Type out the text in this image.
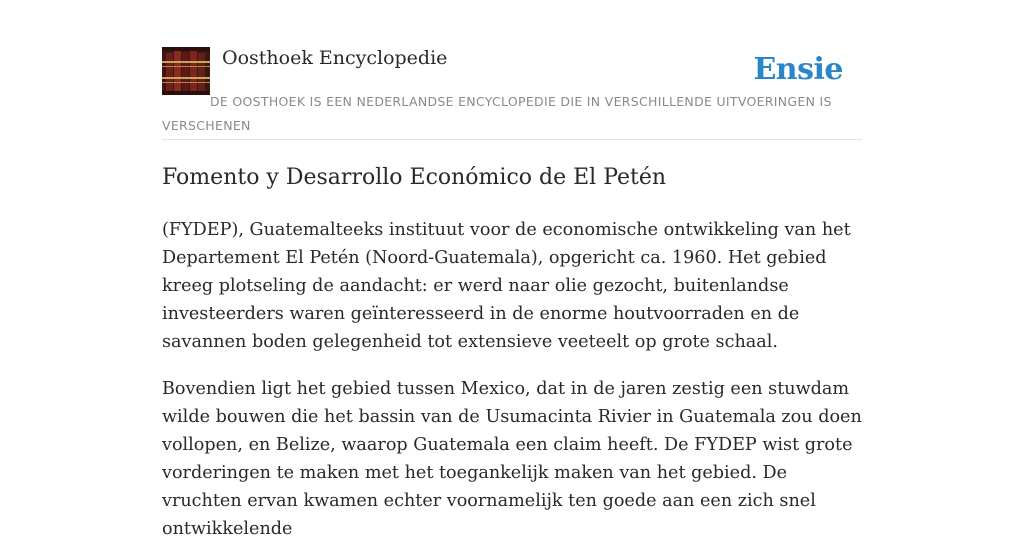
Oosthoek Encyclopedie	Ensie
DE OOSTHOEK IS EEN NEDERLANDSE ENCYCLOPEDIE DIE IN VERSCHILLENDE UITVOERINGEN IS VERSCHENEN
Fomento y Desarrollo Económico de El Petén

(FYDEP), Guatemalteeks instituut voor de economische ontwikkeling van het Departement El Petén (Noord-Guatemala), opgericht ca. 1960. Het gebied kreeg plotseling de aandacht: er werd naar olie gezocht, buitenlandse investeerders waren geïnteresseerd in de enorme houtvoorraden en de savannen boden gelegenheid tot extensieve veeteelt op grote schaal.

Bovendien ligt het gebied tussen Mexico, dat in de jaren zestig een stuwdam wilde bouwen die het bassin van de Usumacinta Rivier in Guatemala zou doen vollopen, en Belize, waarop Guatemala een claim heeft. De FYDEP wist grote vorderingen te maken met het toegankelijk maken van het gebied. De vruchten ervan kwamen echter voornamelijk ten goede aan een zich snel ontwikkelende
